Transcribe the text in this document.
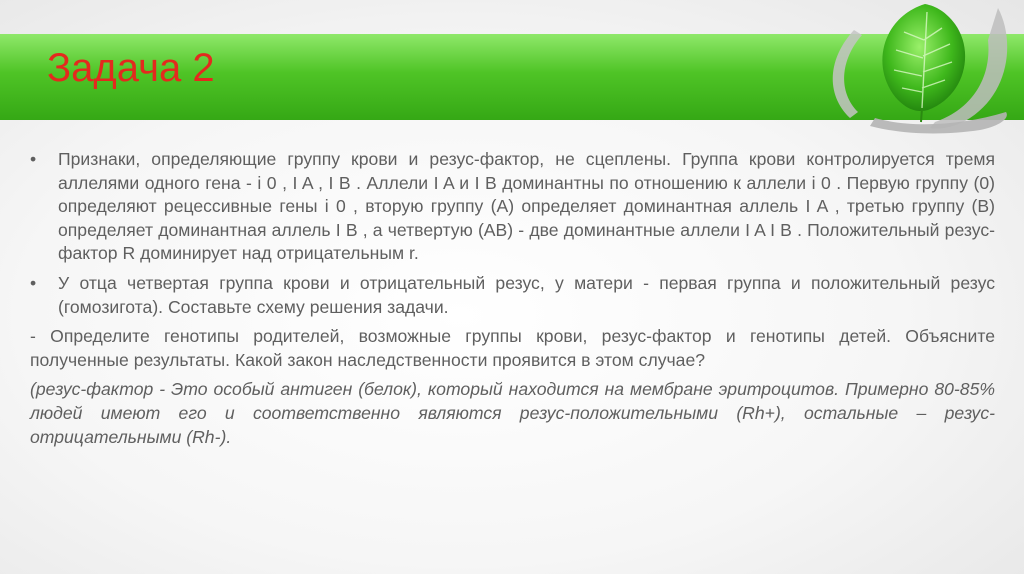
Задача 2
•	Признаки, определяющие группу крови и резус-фактор, не сцеплены. Группа крови контролируется тремя аллелями одного гена - i 0 , I A , I B . Аллели I A и I B доминантны по отношению к аллели i 0 . Первую группу (0) определяют рецессивные гены i 0 , вторую группу (А) определяет доминантная аллель I A , третью группу (В) определяет доминантная аллель I B , а четвертую (АВ) - две доминантные аллели I A I B . Положительный резус-фактор R доминирует над отрицательным r.
•	У отца четвертая группа крови и отрицательный резус, у матери - первая группа и положительный резус (гомозигота). Составьте схему решения задачи.
- Определите генотипы родителей, возможные группы крови, резус-фактор и генотипы детей. Объясните полученные результаты. Какой закон наследственности проявится в этом случае?
(резус-фактор - Это особый антиген (белок), который находится на мембране эритроцитов. Примерно 80-85% людей имеют его и соответственно являются резус-положительными (Rh+), остальные – резус-отрицательными (Rh-).
